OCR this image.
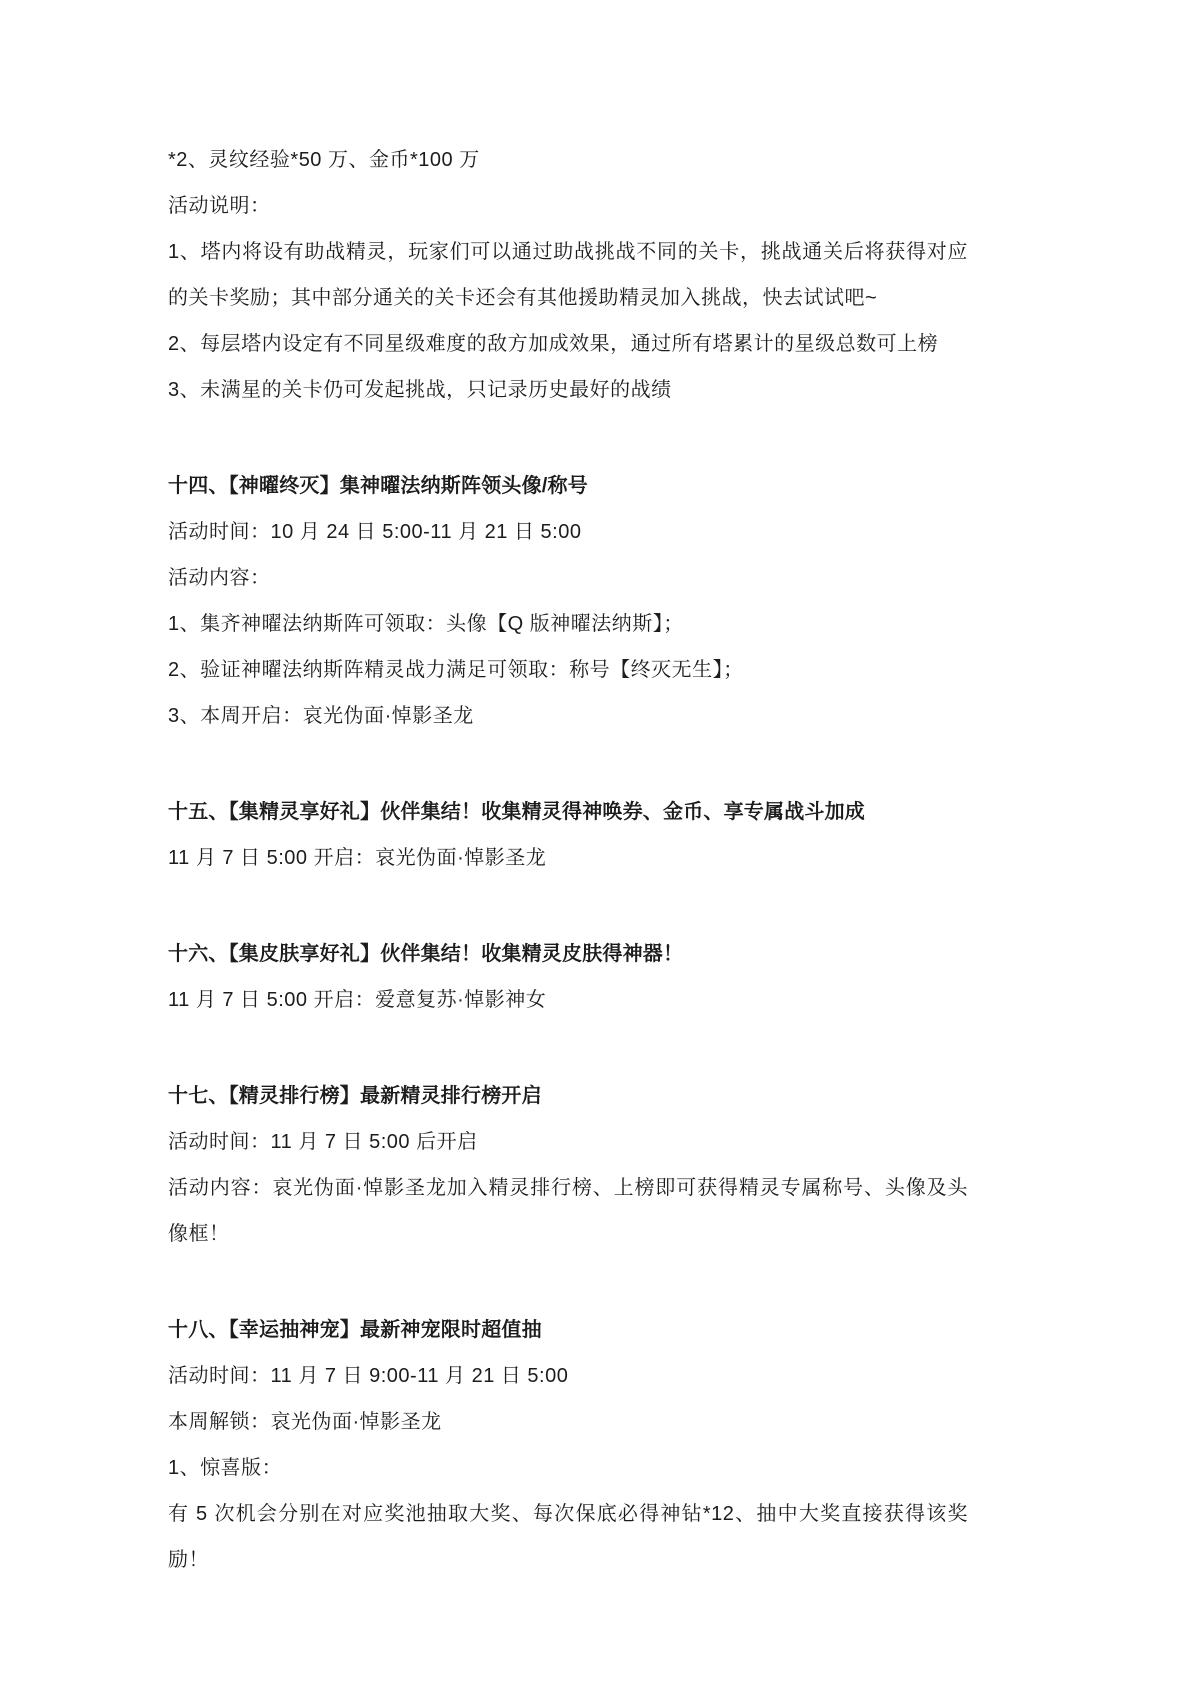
*2、灵纹经验*50 万、金币*100 万

活动说明：

1、塔内将设有助战精灵，玩家们可以通过助战挑战不同的关卡，挑战通关后将获得对应的关卡奖励；其中部分通关的关卡还会有其他援助精灵加入挑战，快去试试吧~

2、每层塔内设定有不同星级难度的敌方加成效果，通过所有塔累计的星级总数可上榜

3、未满星的关卡仍可发起挑战，只记录历史最好的战绩

十四、【神曜终灭】集神曜法纳斯阵领头像/称号

活动时间：10 月 24 日 5:00-11 月 21 日 5:00

活动内容：

1、集齐神曜法纳斯阵可领取：头像【Q 版神曜法纳斯】；

2、验证神曜法纳斯阵精灵战力满足可领取：称号【终灭无生】；

3、本周开启：哀光伪面·悼影圣龙

十五、【集精灵享好礼】伙伴集结！收集精灵得神唤券、金币、享专属战斗加成

11 月 7 日 5:00 开启：哀光伪面·悼影圣龙

十六、【集皮肤享好礼】伙伴集结！收集精灵皮肤得神器！

11 月 7 日 5:00 开启：爱意复苏·悼影神女

十七、【精灵排行榜】最新精灵排行榜开启

活动时间：11 月 7 日 5:00 后开启

活动内容：哀光伪面·悼影圣龙加入精灵排行榜、上榜即可获得精灵专属称号、头像及头像框！

十八、【幸运抽神宠】最新神宠限时超值抽

活动时间：11 月 7 日 9:00-11 月 21 日 5:00

本周解锁：哀光伪面·悼影圣龙

1、惊喜版：

有 5 次机会分别在对应奖池抽取大奖、每次保底必得神钻*12、抽中大奖直接获得该奖励！
